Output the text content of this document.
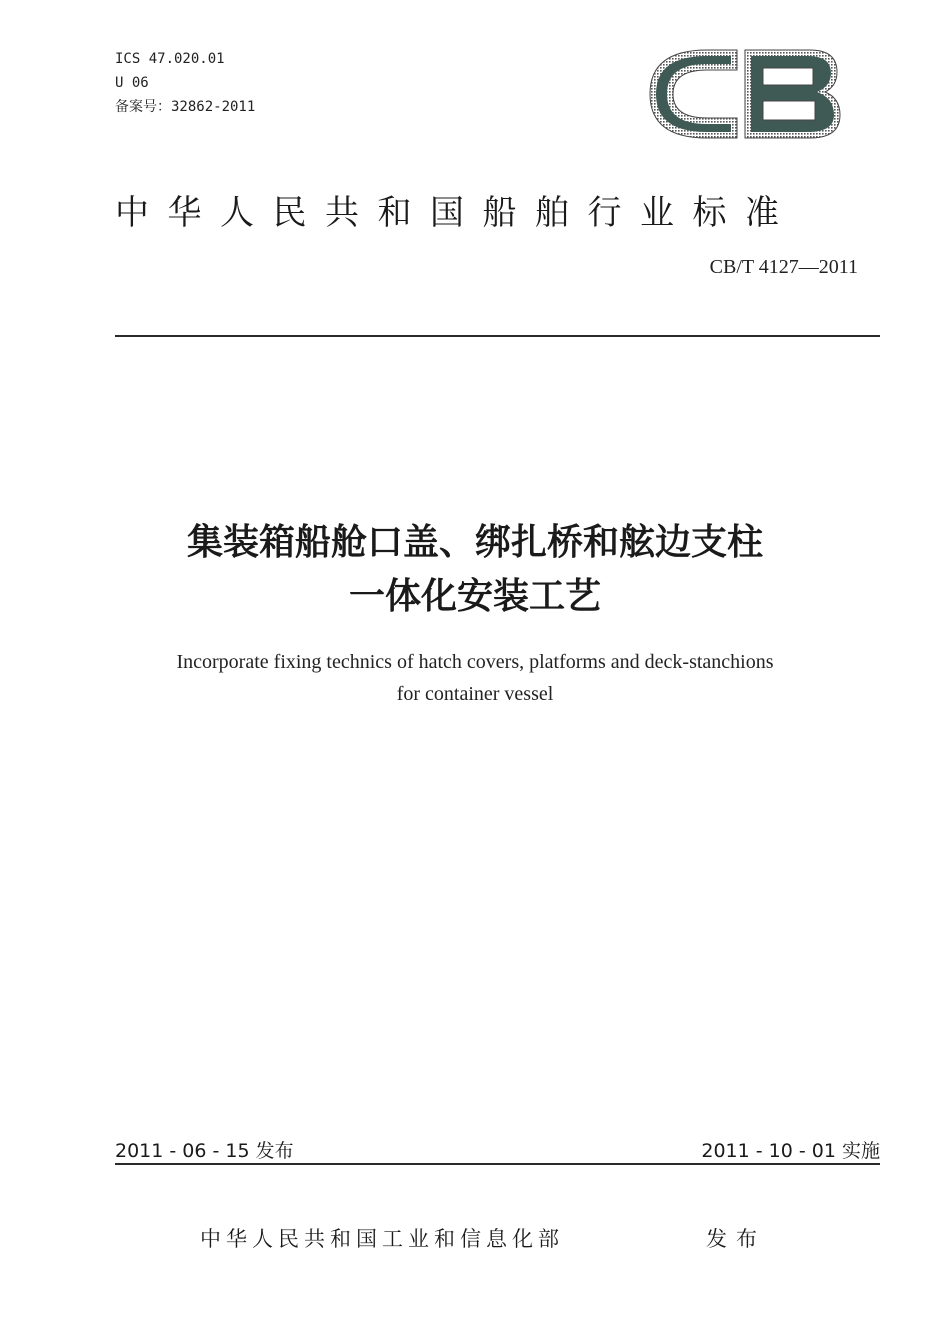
ICS 47.020.01
U 06
备案号：32862-2011
中华人民共和国船舶行业标准
CB/T 4127—2011
集装箱船舱口盖、绑扎桥和舷边支柱
一体化安装工艺
Incorporate fixing technics of hatch covers, platforms and deck-stanchions
for container vessel
2011 - 06 - 15 发布	2011 - 10 - 01 实施
中华人民共和国工业和信息化部	发布
